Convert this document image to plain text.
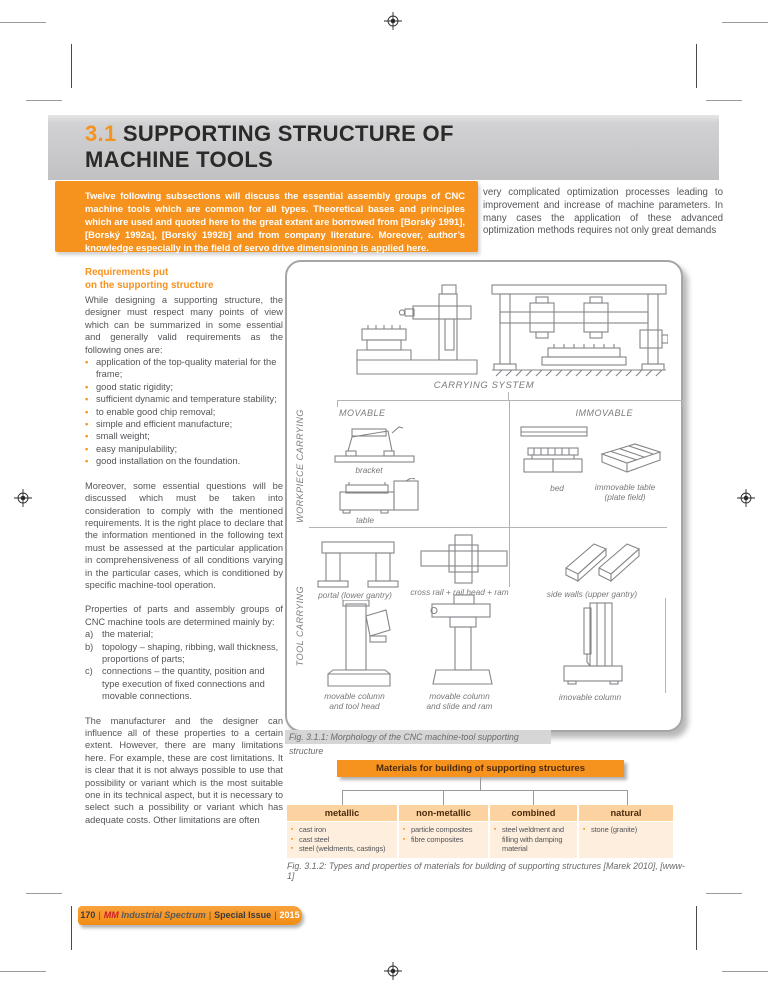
3.1 SUPPORTING STRUCTURE OF
MACHINE TOOLS
Twelve following subsections will discuss the essential assembly groups of CNC machine tools which are common for all types. Theoretical bases and principles which are used and quoted here to the great extent are borrowed from [Borský 1991], [Borský 1992a], [Borský 1992b] and from company literature. Moreover, author’s knowledge especially in the field of servo drive dimensioning is applied here.
very complicated optimization processes leading to improvement and increase of machine parameters. In many cases the application of these advanced optimization methods requires not only great demands
Requirements put
on the supporting structure

While designing a supporting structure, the designer must respect many points of view which can be summarized in some essential and generally valid requirements as the following ones are:

• application of the top-quality material for the frame;
• good static rigidity;
• sufficient dynamic and temperature stability;
• to enable good chip removal;
• simple and efficient manufacture;
• small weight;
• easy manipulability;
• good installation on the foundation.

Moreover, some essential questions will be discussed which must be taken into consideration to comply with the mentioned requirements. It is the right place to declare that the information mentioned in the following text must be assessed at the particular application in comprehensiveness of all conditions varying in the particular cases, which is conditioned by specific machine-tool operation.

Properties of parts and assembly groups of CNC machine tools are determined mainly by:

a) the material;
b) topology – shaping, ribbing, wall thickness, proportions of parts;
c) connections – the quantity, position and type execution of fixed connections and movable connections.

The manufacturer and the designer can influence all of these properties to a certain extent. However, there are many limitations here. For example, these are cost limitations. It is clear that it is not always possible to use that possibility or variant which is the most suitable one in its technical aspect, but it is necessary to select such a possibility or variant which has adequate costs. Other limitations are often

CARRYING SYSTEM
MOVABLE	IMMOVABLE
WORKPIECE CARRYING
TOOL CARRYING
bracket
table
bed	immovable table
(plate field)
portal (lower gantry)	cross rail + rail head + ram	side walls (upper gantry)
movable column
and tool head
movable column
and slide and ram
imovable column
Fig. 3.1.1: Morphology of the CNC machine-tool supporting structure
Materials for building of supporting structures
metallic
▪ cast iron
▪ cast steel
▪ steel (weldments, castings)
non-metallic
▪ particle composites
▪ fibre composites
combined
▪ steel weldment and filling with damping material
natural
▪ stone (granite)
Fig. 3.1.2: Types and properties of materials for building of supporting structures [Marek 2010], [www-1]
170 | MM Industrial Spectrum | Special Issue | 2015
